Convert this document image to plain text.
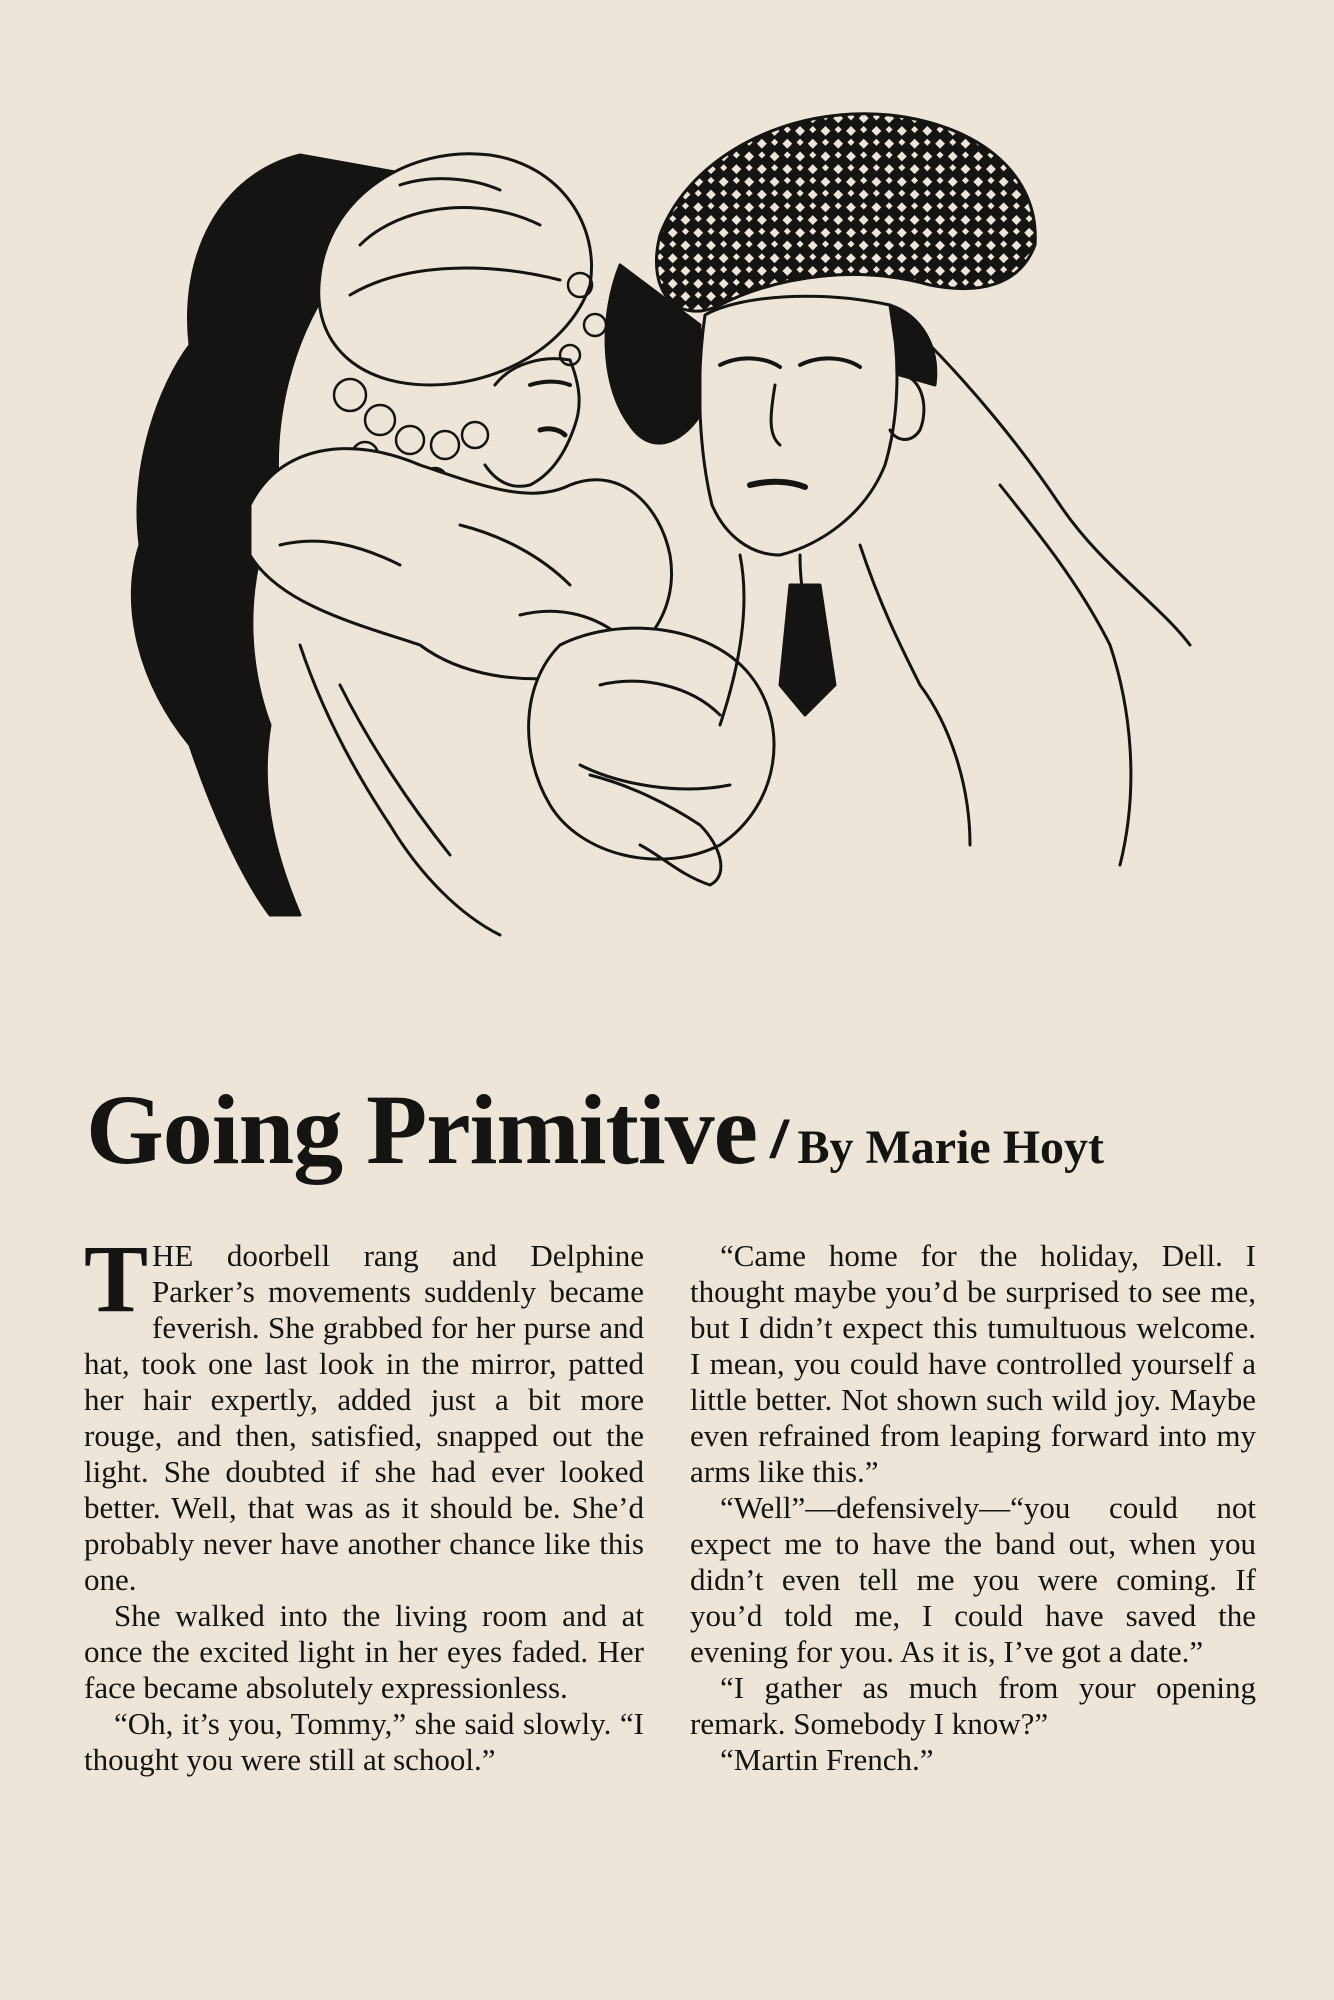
Going Primitive / By Marie Hoyt

THE doorbell rang and Delphine Parker’s movements suddenly became feverish. She grabbed for her purse and hat, took one last look in the mirror, patted her hair expertly, added just a bit more rouge, and then, satisfied, snapped out the light. She doubted if she had ever looked better. Well, that was as it should be. She’d probably never have another chance like this one.

She walked into the living room and at once the excited light in her eyes faded. Her face became absolutely expressionless.

“Oh, it’s you, Tommy,” she said slowly. “I thought you were still at school.”

“Came home for the holiday, Dell. I thought maybe you’d be surprised to see me, but I didn’t expect this tumultuous welcome. I mean, you could have controlled yourself a little better. Not shown such wild joy. Maybe even refrained from leaping forward into my arms like this.”

“Well”—defensively—“you could not expect me to have the band out, when you didn’t even tell me you were coming. If you’d told me, I could have saved the evening for you. As it is, I’ve got a date.”

“I gather as much from your opening remark. Somebody I know?”

“Martin French.”
